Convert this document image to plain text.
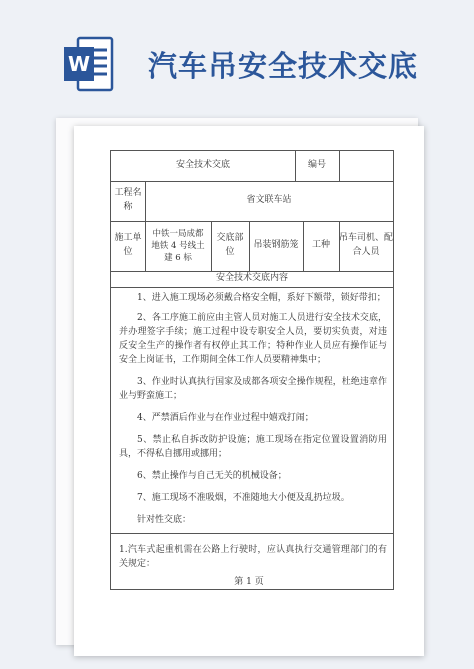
W 汽车吊安全技术交底
安全技术交底	编号
工程名
称
省文联车站
施工单
位
中铁一局成都
地铁 4 号线土
建 6 标
交底部
位
吊装钢筋笼 工种
吊车司机、配
合人员
安全技术交底内容
1、进入施工现场必须戴合格安全帽，系好下额带，锁好带扣；
2、各工序施工前应由主管人员对施工人员进行安全技术交底，并办理签字手续；施工过程中设专职安全人员，要切实负责，对违反安全生产的操作者有权停止其工作；特种作业人员应有操作证与安全上岗证书，工作期间全体工作人员要精神集中；
3、作业时认真执行国家及成都各项安全操作规程，杜绝违章作业与野蛮施工；
4、严禁酒后作业与在作业过程中嬉戏打闹；
5、禁止私自拆改防护设施；施工现场在指定位置设置消防用具，不得私自挪用或挪用；
6、禁止操作与自己无关的机械设备；
7、施工现场不准吸烟，不准随地大小便及乱扔垃圾。
针对性交底：
1.汽车式起重机需在公路上行驶时，应认真执行交通管理部门的有关规定：
第 1 页
